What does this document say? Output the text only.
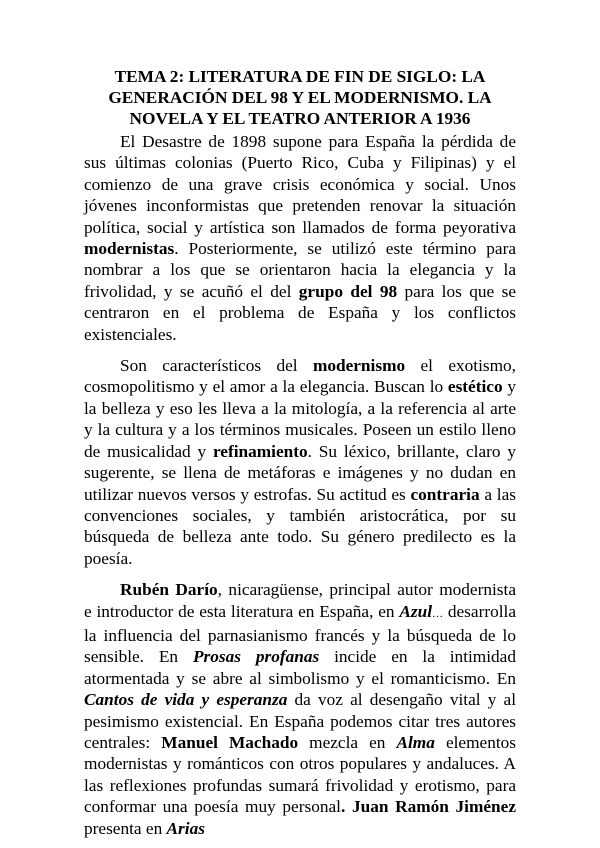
TEMA 2: LITERATURA DE FIN DE SIGLO: LA
GENERACIÓN DEL 98 Y EL MODERNISMO. LA
NOVELA Y EL TEATRO ANTERIOR A 1936

El Desastre de 1898 supone para España la pérdida de sus últimas colonias (Puerto Rico, Cuba y Filipinas) y el comienzo de una grave crisis económica y social. Unos jóvenes inconformistas que pretenden renovar la situación política, social y artística son llamados de forma peyorativa modernistas. Posteriormente, se utilizó este término para nombrar a los que se orientaron hacia la elegancia y la frivolidad, y se acuñó el del grupo del 98 para los que se centraron en el problema de España y los conflictos existenciales.

Son característicos del modernismo el exotismo, cosmopolitismo y el amor a la elegancia. Buscan lo estético y la belleza y eso les lleva a la mitología, a la referencia al arte y la cultura y a los términos musicales. Poseen un estilo lleno de musicalidad y refinamiento. Su léxico, brillante, claro y sugerente, se llena de metáforas e imágenes y no dudan en utilizar nuevos versos y estrofas. Su actitud es contraria a las convenciones sociales, y también aristocrática, por su búsqueda de belleza ante todo. Su género predilecto es la poesía.

Rubén Darío, nicaragüense, principal autor modernista e introductor de esta literatura en España, en Azul… desarrolla la influencia del parnasianismo francés y la búsqueda de lo sensible. En Prosas profanas incide en la intimidad atormentada y se abre al simbolismo y el romanticismo. En Cantos de vida y esperanza da voz al desengaño vital y al pesimismo existencial. En España podemos citar tres autores centrales: Manuel Machado mezcla en Alma elementos modernistas y románticos con otros populares y andaluces. A las reflexiones profundas sumará frivolidad y erotismo, para conformar una poesía muy personal. Juan Ramón Jiménez presenta en Arias
